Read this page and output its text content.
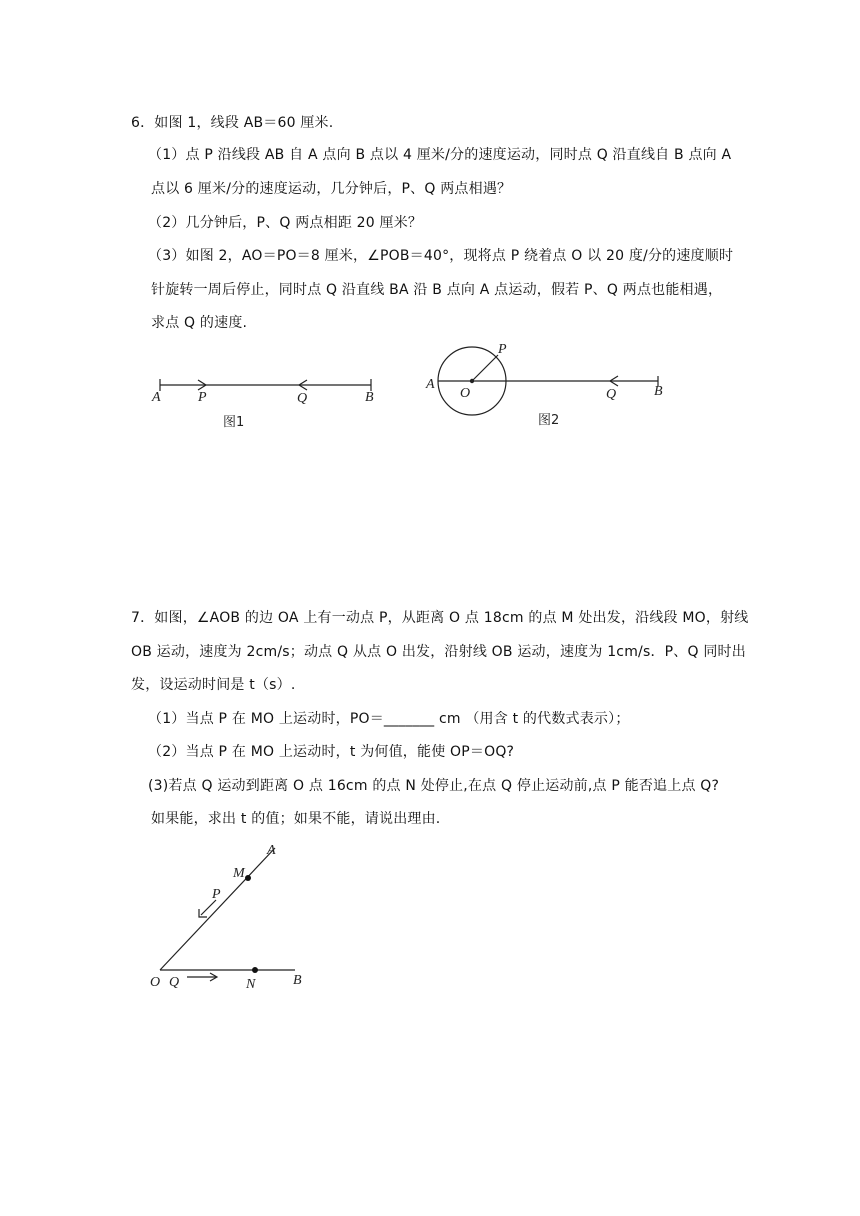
6．如图 1，线段 AB＝60 厘米.
（1）点 P 沿线段 AB 自 A 点向 B 点以 4 厘米/分的速度运动，同时点 Q 沿直线自 B 点向 A
点以 6 厘米/分的速度运动，几分钟后，P、Q 两点相遇？
（2）几分钟后，P、Q 两点相距 20 厘米？
（3）如图 2，AO＝PO＝8 厘米，∠POB＝40°，现将点 P 绕着点 O 以 20 度/分的速度顺时
针旋转一周后停止，同时点 Q 沿直线 BA 沿 B 点向 A 点运动，假若 P、Q 两点也能相遇，
求点 Q 的速度.
A	P	Q	B
图1
A
O
P
Q	B
图2
7．如图，∠AOB 的边 OA 上有一动点 P，从距离 O 点 18cm 的点 M 处出发，沿线段 MO，射线
OB 运动，速度为 2cm/s；动点 Q 从点 O 出发，沿射线 OB 运动，速度为 1cm/s．P、Q 同时出
发，设运动时间是 t（s）.
（1）当点 P 在 MO 上运动时，PO＝_______ cm （用含 t 的代数式表示）；
（2）当点 P 在 MO 上运动时，t 为何值，能使 OP＝OQ?
(3)若点 Q 运动到距离 O 点 16cm 的点 N 处停止,在点 Q 停止运动前,点 P 能否追上点 Q?
如果能，求出 t 的值；如果不能，请说出理由.
A
M
P
O Q	N	B
